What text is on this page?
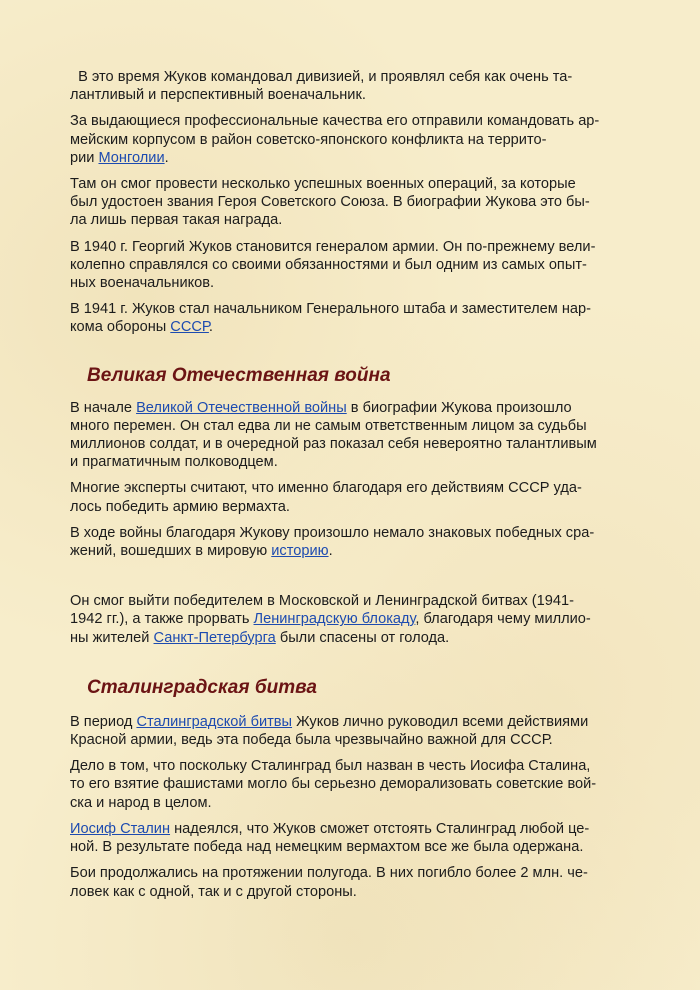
В это время Жуков командовал дивизией, и проявлял себя как очень та-
лантливый и перспективный военачальник.

За выдающиеся профессиональные качества его отправили командовать ар-
мейским корпусом в район советско-японского конфликта на террито-
рии Монголии.

Там он смог провести несколько успешных военных операций, за которые
был удостоен звания Героя Советского Союза. В биографии Жукова это бы-
ла лишь первая такая награда.

В 1940 г. Георгий Жуков становится генералом армии. Он по-прежнему вели-
колепно справлялся со своими обязанностями и был одним из самых опыт-
ных военачальников.

В 1941 г. Жуков стал начальником Генерального штаба и заместителем нар-
кома обороны СССР.

Великая Отечественная война

В начале Великой Отечественной войны в биографии Жукова произошло
много перемен. Он стал едва ли не самым ответственным лицом за судьбы
миллионов солдат, и в очередной раз показал себя невероятно талантливым
и прагматичным полководцем.

Многие эксперты считают, что именно благодаря его действиям СССР уда-
лось победить армию вермахта.

В ходе войны благодаря Жукову произошло немало знаковых победных сра-
жений, вошедших в мировую историю.

Он смог выйти победителем в Московской и Ленинградской битвах (1941-
1942 гг.), а также прорвать Ленинградскую блокаду, благодаря чему миллио-
ны жителей Санкт-Петербурга были спасены от голода.

Сталинградская битва

В период Сталинградской битвы Жуков лично руководил всеми действиями
Красной армии, ведь эта победа была чрезвычайно важной для СССР.

Дело в том, что поскольку Сталинград был назван в честь Иосифа Сталина,
то его взятие фашистами могло бы серьезно деморализовать советские вой-
ска и народ в целом.

Иосиф Сталин надеялся, что Жуков сможет отстоять Сталинград любой це-
ной. В результате победа над немецким вермахтом все же была одержана.

Бои продолжались на протяжении полугода. В них погибло более 2 млн. че-
ловек как с одной, так и с другой стороны.
